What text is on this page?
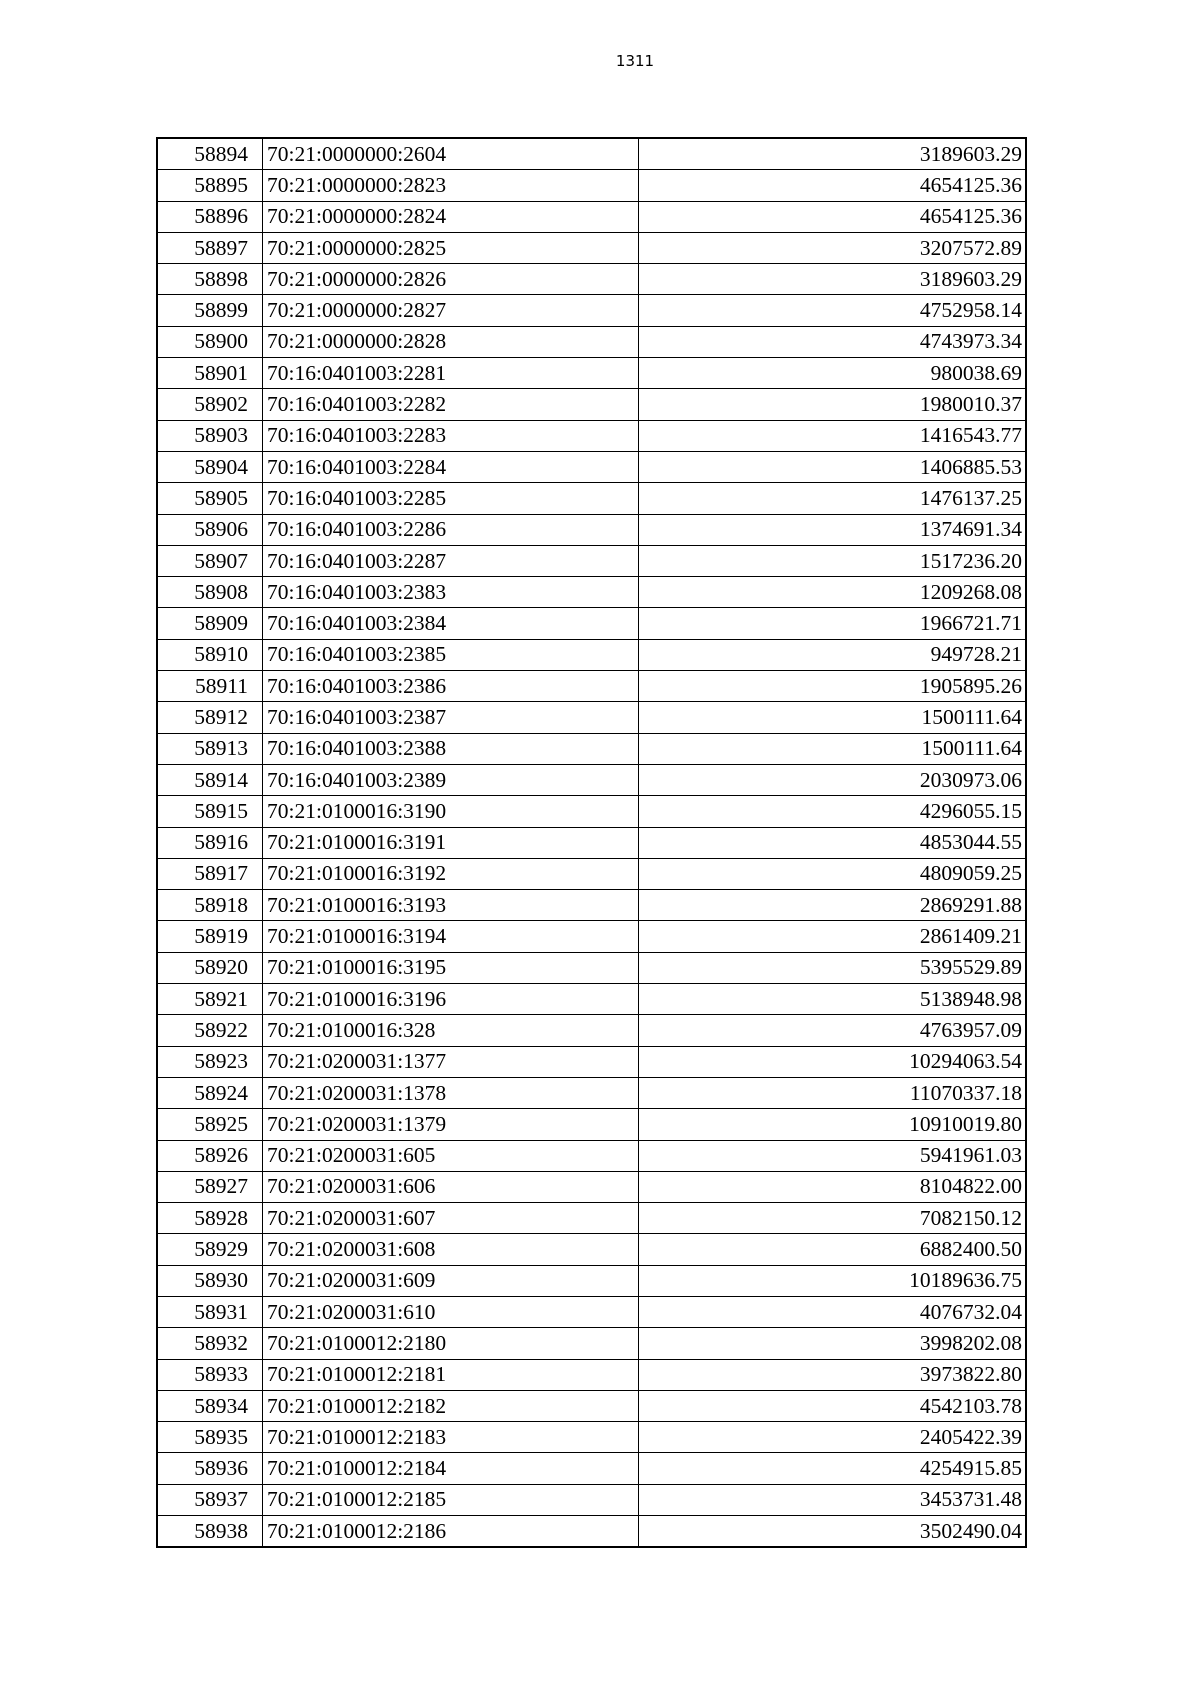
1311
58894	70:21:0000000:2604	3189603.29
58895	70:21:0000000:2823	4654125.36
58896	70:21:0000000:2824	4654125.36
58897	70:21:0000000:2825	3207572.89
58898	70:21:0000000:2826	3189603.29
58899	70:21:0000000:2827	4752958.14
58900	70:21:0000000:2828	4743973.34
58901	70:16:0401003:2281	980038.69
58902	70:16:0401003:2282	1980010.37
58903	70:16:0401003:2283	1416543.77
58904	70:16:0401003:2284	1406885.53
58905	70:16:0401003:2285	1476137.25
58906	70:16:0401003:2286	1374691.34
58907	70:16:0401003:2287	1517236.20
58908	70:16:0401003:2383	1209268.08
58909	70:16:0401003:2384	1966721.71
58910	70:16:0401003:2385	949728.21
58911	70:16:0401003:2386	1905895.26
58912	70:16:0401003:2387	1500111.64
58913	70:16:0401003:2388	1500111.64
58914	70:16:0401003:2389	2030973.06
58915	70:21:0100016:3190	4296055.15
58916	70:21:0100016:3191	4853044.55
58917	70:21:0100016:3192	4809059.25
58918	70:21:0100016:3193	2869291.88
58919	70:21:0100016:3194	2861409.21
58920	70:21:0100016:3195	5395529.89
58921	70:21:0100016:3196	5138948.98
58922	70:21:0100016:328	4763957.09
58923	70:21:0200031:1377	10294063.54
58924	70:21:0200031:1378	11070337.18
58925	70:21:0200031:1379	10910019.80
58926	70:21:0200031:605	5941961.03
58927	70:21:0200031:606	8104822.00
58928	70:21:0200031:607	7082150.12
58929	70:21:0200031:608	6882400.50
58930	70:21:0200031:609	10189636.75
58931	70:21:0200031:610	4076732.04
58932	70:21:0100012:2180	3998202.08
58933	70:21:0100012:2181	3973822.80
58934	70:21:0100012:2182	4542103.78
58935	70:21:0100012:2183	2405422.39
58936	70:21:0100012:2184	4254915.85
58937	70:21:0100012:2185	3453731.48
58938	70:21:0100012:2186	3502490.04
